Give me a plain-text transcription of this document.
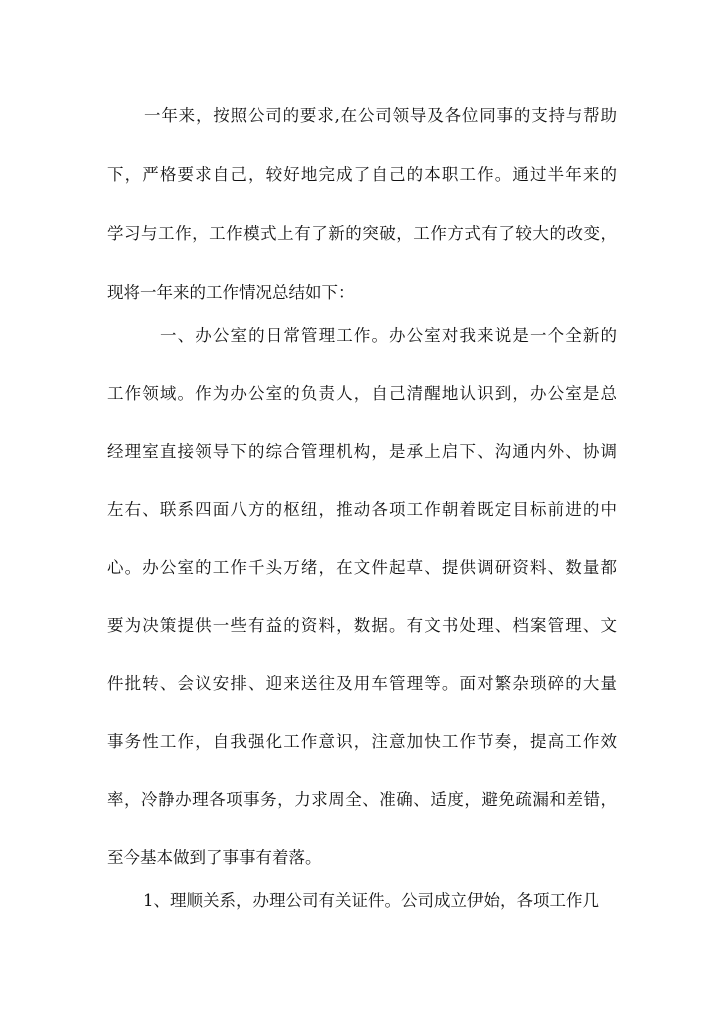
一年来，按照公司的要求,在公司领导及各位同事的支持与帮助
下，严格要求自己，较好地完成了自己的本职工作。通过半年来的
学习与工作，工作模式上有了新的突破，工作方式有了较大的改变，
现将一年来的工作情况总结如下：
一、办公室的日常管理工作。办公室对我来说是一个全新的
工作领域。作为办公室的负责人，自己清醒地认识到，办公室是总
经理室直接领导下的综合管理机构，是承上启下、沟通内外、协调
左右、联系四面八方的枢纽，推动各项工作朝着既定目标前进的中
心。办公室的工作千头万绪，在文件起草、提供调研资料、数量都
要为决策提供一些有益的资料，数据。有文书处理、档案管理、文
件批转、会议安排、迎来送往及用车管理等。面对繁杂琐碎的大量
事务性工作，自我强化工作意识，注意加快工作节奏，提高工作效
率，冷静办理各项事务，力求周全、准确、适度，避免疏漏和差错，
至今基本做到了事事有着落。
1、理顺关系，办理公司有关证件。公司成立伊始，各项工作几
